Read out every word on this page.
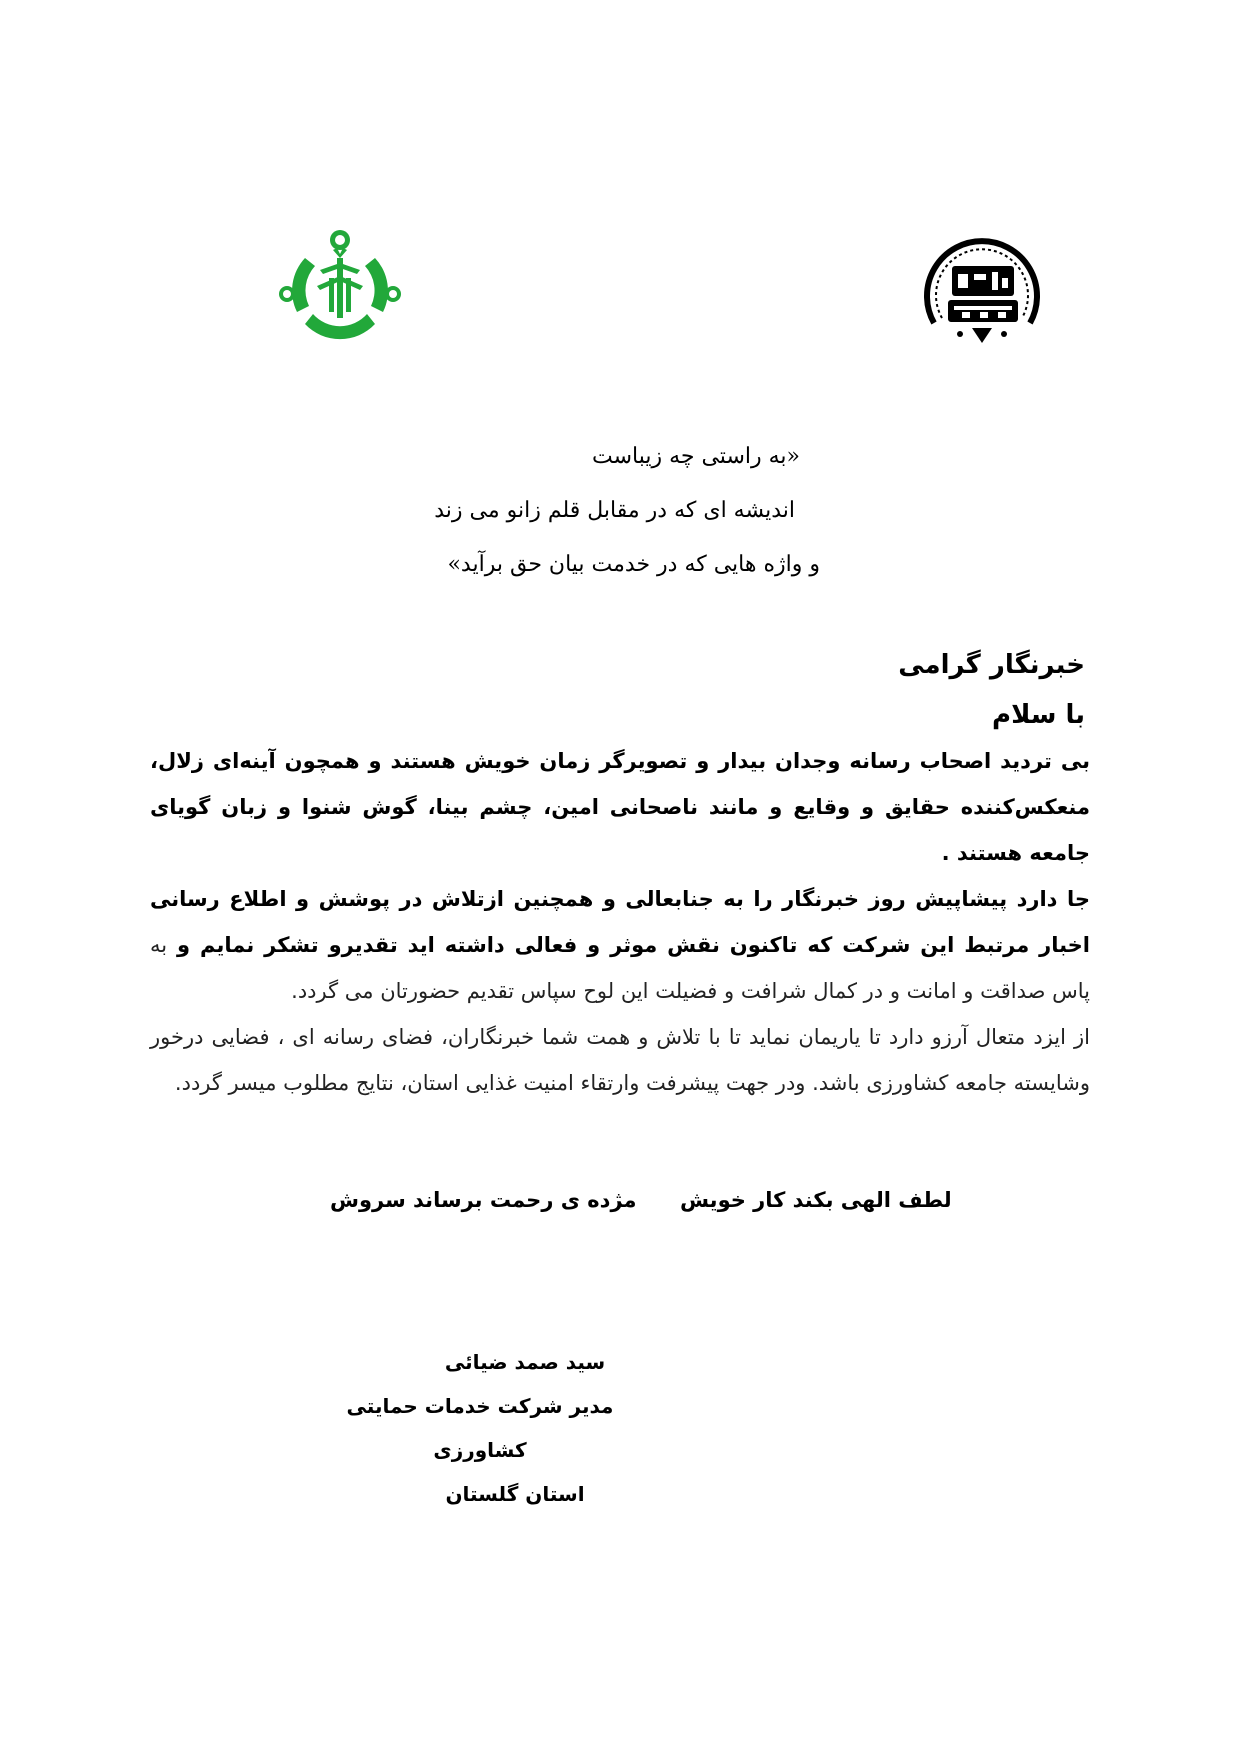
«به راستی چه زیباست
اندیشه ای که در مقابل قلم زانو می زند
و واژه هایی که در خدمت بیان حق برآید»
خبرنگار گرامی
با سلام

بی تردید اصحاب رسانه وجدان بیدار و تصویرگر زمان خویش هستند و همچون آینه‌ای زلال، منعکس‌کننده حقایق و وقایع و مانند ناصحانی امین، چشم بینا، گوش شنوا و زبان گویای جامعه هستند .

جا دارد پیشاپیش روز خبرنگار را به جنابعالی و همچنین ازتلاش در پوشش و اطلاع رسانی اخبار مرتبط این شرکت که تاکنون نقش موثر و فعالی داشته اید تقدیرو تشکر نمایم و به پاس صداقت و امانت و در کمال شرافت و فضیلت این لوح سپاس تقدیم حضورتان می گردد.

از ایزد متعال آرزو دارد تا یاریمان نماید تا با تلاش و همت شما خبرنگاران، فضای رسانه ای ، فضایی درخور وشایسته جامعه کشاورزی باشد. ودر جهت پیشرفت وارتقاء امنیت غذایی استان، نتایج مطلوب میسر گردد.

لطف الهی بکند کار خویش
مژده ی رحمت برساند سروش
سید صمد ضیائی
مدیر شرکت خدمات حمایتی کشاورزی
استان گلستان
